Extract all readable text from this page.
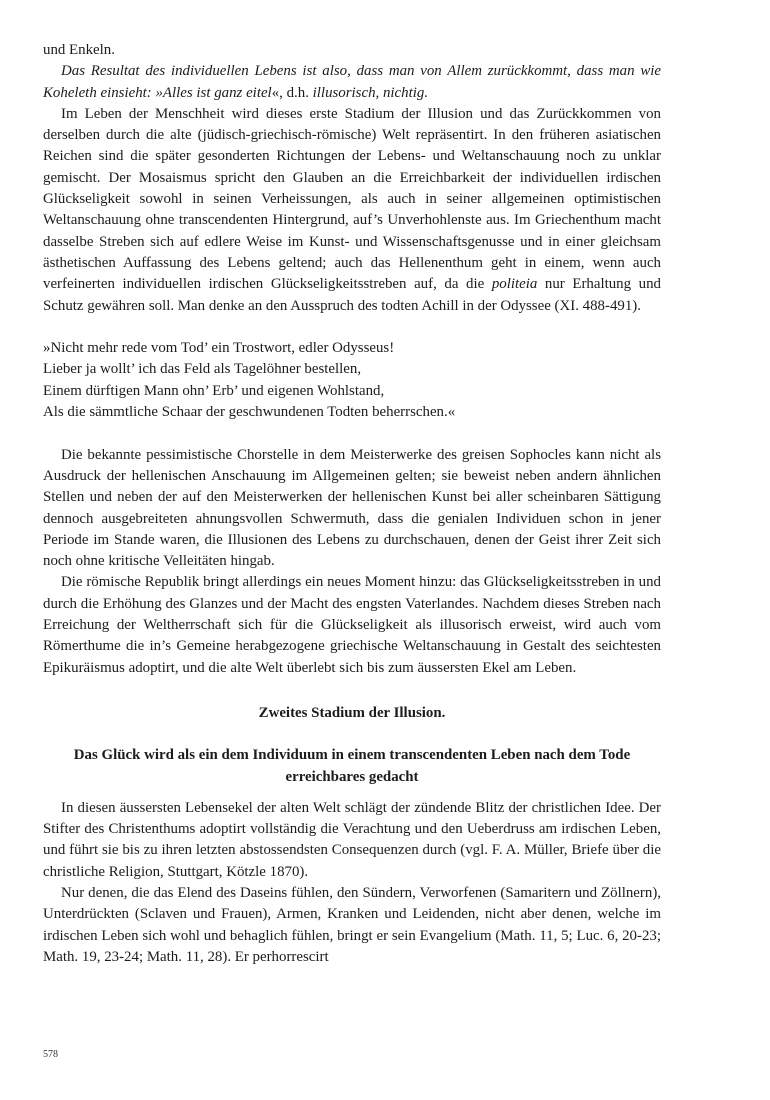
und Enkeln.

Das Resultat des individuellen Lebens ist also, dass man von Allem zurückkommt, dass man wie Koheleth einsieht: »Alles ist ganz eitel«, d.h. illusorisch, nichtig.

Im Leben der Menschheit wird dieses erste Stadium der Illusion und das Zurückkommen von derselben durch die alte (jüdisch-griechisch-römische) Welt repräsentirt. In den früheren asiatischen Reichen sind die später gesonderten Richtungen der Lebens- und Weltanschauung noch zu unklar gemischt. Der Mosaismus spricht den Glauben an die Erreichbarkeit der individuellen irdischen Glückseligkeit sowohl in seinen Verheissungen, als auch in seiner allgemeinen optimistischen Weltanschauung ohne transcendenten Hintergrund, auf’s Unverhohlenste aus. Im Griechenthum macht dasselbe Streben sich auf edlere Weise im Kunst- und Wissenschaftsgenusse und in einer gleichsam ästhetischen Auffassung des Lebens geltend; auch das Hellenenthum geht in einem, wenn auch verfeinerten individuellen irdischen Glückseligkeitsstreben auf, da die politeia nur Erhaltung und Schutz gewähren soll. Man denke an den Ausspruch des todten Achill in der Odyssee (XI. 488-491).

»Nicht mehr rede vom Tod’ ein Trostwort, edler Odysseus!
Lieber ja wollt’ ich das Feld als Tagelöhner bestellen,
Einem dürftigen Mann ohn’ Erb’ und eigenen Wohlstand,
Als die sämmtliche Schaar der geschwundenen Todten beherrschen.«

Die bekannte pessimistische Chorstelle in dem Meisterwerke des greisen Sophocles kann nicht als Ausdruck der hellenischen Anschauung im Allgemeinen gelten; sie beweist neben andern ähnlichen Stellen und neben der auf den Meisterwerken der hellenischen Kunst bei aller scheinbaren Sättigung dennoch ausgebreiteten ahnungsvollen Schwermuth, dass die genialen Individuen schon in jener Periode im Stande waren, die Illusionen des Lebens zu durchschauen, denen der Geist ihrer Zeit sich noch ohne kritische Velleitäten hingab.

Die römische Republik bringt allerdings ein neues Moment hinzu: das Glückseligkeitsstreben in und durch die Erhöhung des Glanzes und der Macht des engsten Vaterlandes. Nachdem dieses Streben nach Erreichung der Weltherrschaft sich für die Glückseligkeit als illusorisch erweist, wird auch vom Römerthume die in’s Gemeine herabgezogene griechische Weltanschauung in Gestalt des seichtesten Epikuräismus adoptirt, und die alte Welt überlebt sich bis zum äussersten Ekel am Leben.

Zweites Stadium der Illusion.
Das Glück wird als ein dem Individuum in einem transcendenten Leben nach dem Tode erreichbares gedacht

In diesen äussersten Lebensekel der alten Welt schlägt der zündende Blitz der christlichen Idee. Der Stifter des Christenthums adoptirt vollständig die Verachtung und den Ueberdruss am irdischen Leben, und führt sie bis zu ihren letzten abstossendsten Consequenzen durch (vgl. F. A. Müller, Briefe über die christliche Religion, Stuttgart, Kötzle 1870).

Nur denen, die das Elend des Daseins fühlen, den Sündern, Verworfenen (Samaritern und Zöllnern), Unterdrückten (Sclaven und Frauen), Armen, Kranken und Leidenden, nicht aber denen, welche im irdischen Leben sich wohl und behaglich fühlen, bringt er sein Evangelium (Math. 11, 5; Luc. 6, 20-23; Math. 19, 23-24; Math. 11, 28). Er perhorrescirt

578
